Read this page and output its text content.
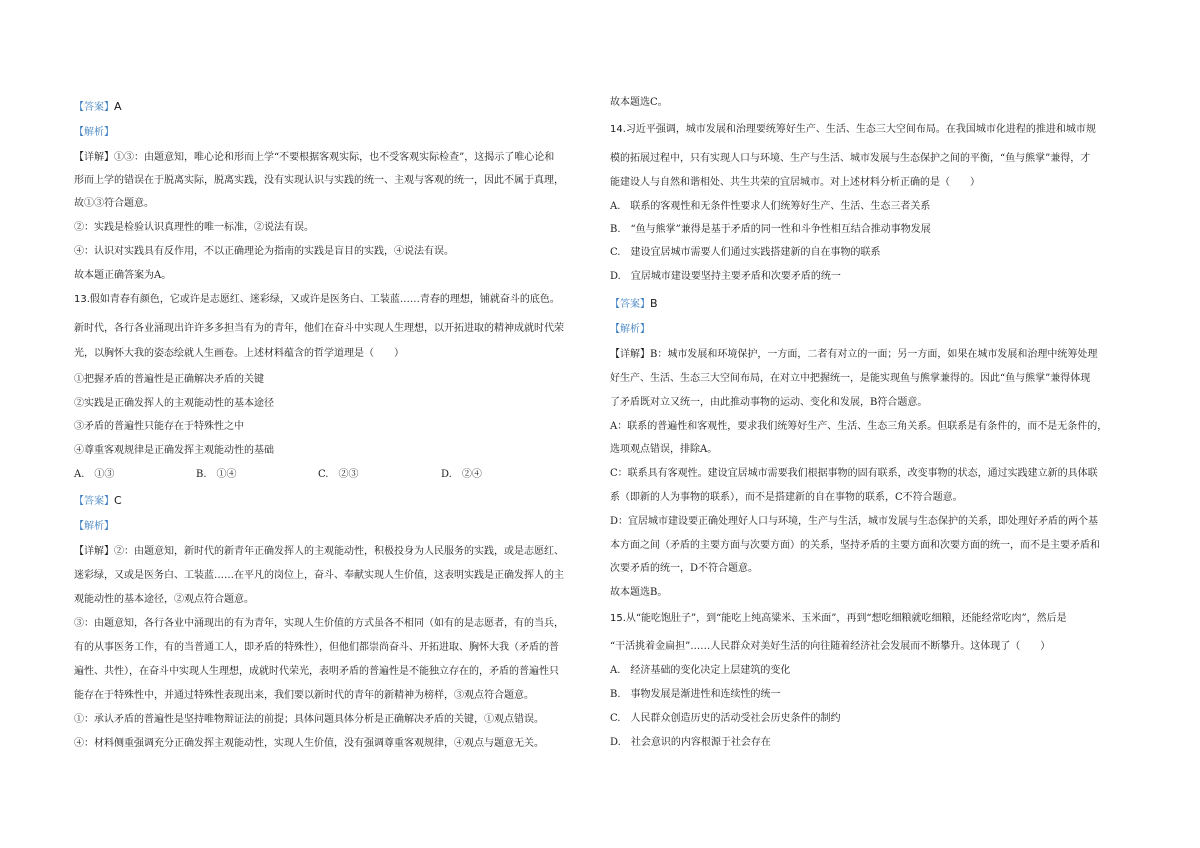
【答案】A
【解析】
【详解】①③：由题意知，唯心论和形而上学“不要根据客观实际，也不受客观实际检查”，这揭示了唯心论和
形而上学的错误在于脱离实际，脱离实践，没有实现认识与实践的统一、主观与客观的统一，因此不属于真理，
故①③符合题意。
②：实践是检验认识真理性的唯一标准，②说法有误。
④：认识对实践具有反作用，不以正确理论为指南的实践是盲目的实践，④说法有误。
故本题正确答案为A。
13.假如青春有颜色，它或许是志愿红、迷彩绿，又或许是医务白、工装蓝……青春的理想，铺就奋斗的底色。
新时代，各行各业涌现出许许多多担当有为的青年，他们在奋斗中实现人生理想，以开拓进取的精神成就时代荣
光，以胸怀大我的姿态绘就人生画卷。上述材料蕴含的哲学道理是（　　）
①把握矛盾的普遍性是正确解决矛盾的关键
②实践是正确发挥人的主观能动性的基本途径
③矛盾的普遍性只能存在于特殊性之中
④尊重客观规律是正确发挥主观能动性的基础
A.　①③	B.　①④	C.　②③	D.　②④
【答案】C
【解析】
【详解】②：由题意知，新时代的新青年正确发挥人的主观能动性，积极投身为人民服务的实践，或是志愿红、
迷彩绿，又或是医务白、工装蓝……在平凡的岗位上，奋斗、奉献实现人生价值，这表明实践是正确发挥人的主
观能动性的基本途径，②观点符合题意。
③：由题意知，各行各业中涌现出的有为青年，实现人生价值的方式虽各不相同（如有的是志愿者，有的当兵，
有的从事医务工作，有的当普通工人，即矛盾的特殊性），但他们都崇尚奋斗、开拓进取、胸怀大我（矛盾的普
遍性、共性），在奋斗中实现人生理想，成就时代荣光，表明矛盾的普遍性是不能独立存在的，矛盾的普遍性只
能存在于特殊性中，并通过特殊性表现出来，我们要以新时代的青年的新精神为榜样，③观点符合题意。
①：承认矛盾的普遍性是坚持唯物辩证法的前提；具体问题具体分析是正确解决矛盾的关键，①观点错误。
④：材料侧重强调充分正确发挥主观能动性，实现人生价值，没有强调尊重客观规律，④观点与题意无关。
故本题选C。
14.习近平强调，城市发展和治理要统筹好生产、生活、生态三大空间布局。在我国城市化进程的推进和城市规
模的拓展过程中，只有实现人口与环境、生产与生活、城市发展与生态保护之间的平衡，“鱼与熊掌”兼得，才
能建设人与自然和谐相处、共生共荣的宜居城市。对上述材料分析正确的是（　　）
A.　联系的客观性和无条件性要求人们统筹好生产、生活、生态三者关系
B.　“鱼与熊掌”兼得是基于矛盾的同一性和斗争性相互结合推动事物发展
C.　建设宜居城市需要人们通过实践搭建新的自在事物的联系
D.　宜居城市建设要坚持主要矛盾和次要矛盾的统一
【答案】B
【解析】
【详解】B：城市发展和环境保护，一方面，二者有对立的一面；另一方面，如果在城市发展和治理中统筹处理
好生产、生活、生态三大空间布局，在对立中把握统一，是能实现鱼与熊掌兼得的。因此“鱼与熊掌”兼得体现
了矛盾既对立又统一，由此推动事物的运动、变化和发展，B符合题意。
A：联系的普遍性和客观性，要求我们统筹好生产、生活、生态三角关系。但联系是有条件的，而不是无条件的，
选项观点错误，排除A。
C：联系具有客观性。建设宜居城市需要我们根据事物的固有联系，改变事物的状态，通过实践建立新的具体联
系（即新的人为事物的联系），而不是搭建新的自在事物的联系，C不符合题意。
D：宜居城市建设要正确处理好人口与环境，生产与生活，城市发展与生态保护的关系，即处理好矛盾的两个基
本方面之间（矛盾的主要方面与次要方面）的关系，坚持矛盾的主要方面和次要方面的统一，而不是主要矛盾和
次要矛盾的统一，D不符合题意。
故本题选B。
15.从“能吃饱肚子”，到“能吃上纯高粱米、玉米面”，再到“想吃细粮就吃细粮，还能经常吃肉”，然后是
“干活挑着金扁担”……人民群众对美好生活的向往随着经济社会发展而不断攀升。这体现了（　　）
A.　经济基础的变化决定上层建筑的变化
B.　事物发展是渐进性和连续性的统一
C.　人民群众创造历史的活动受社会历史条件的制约
D.　社会意识的内容根源于社会存在
